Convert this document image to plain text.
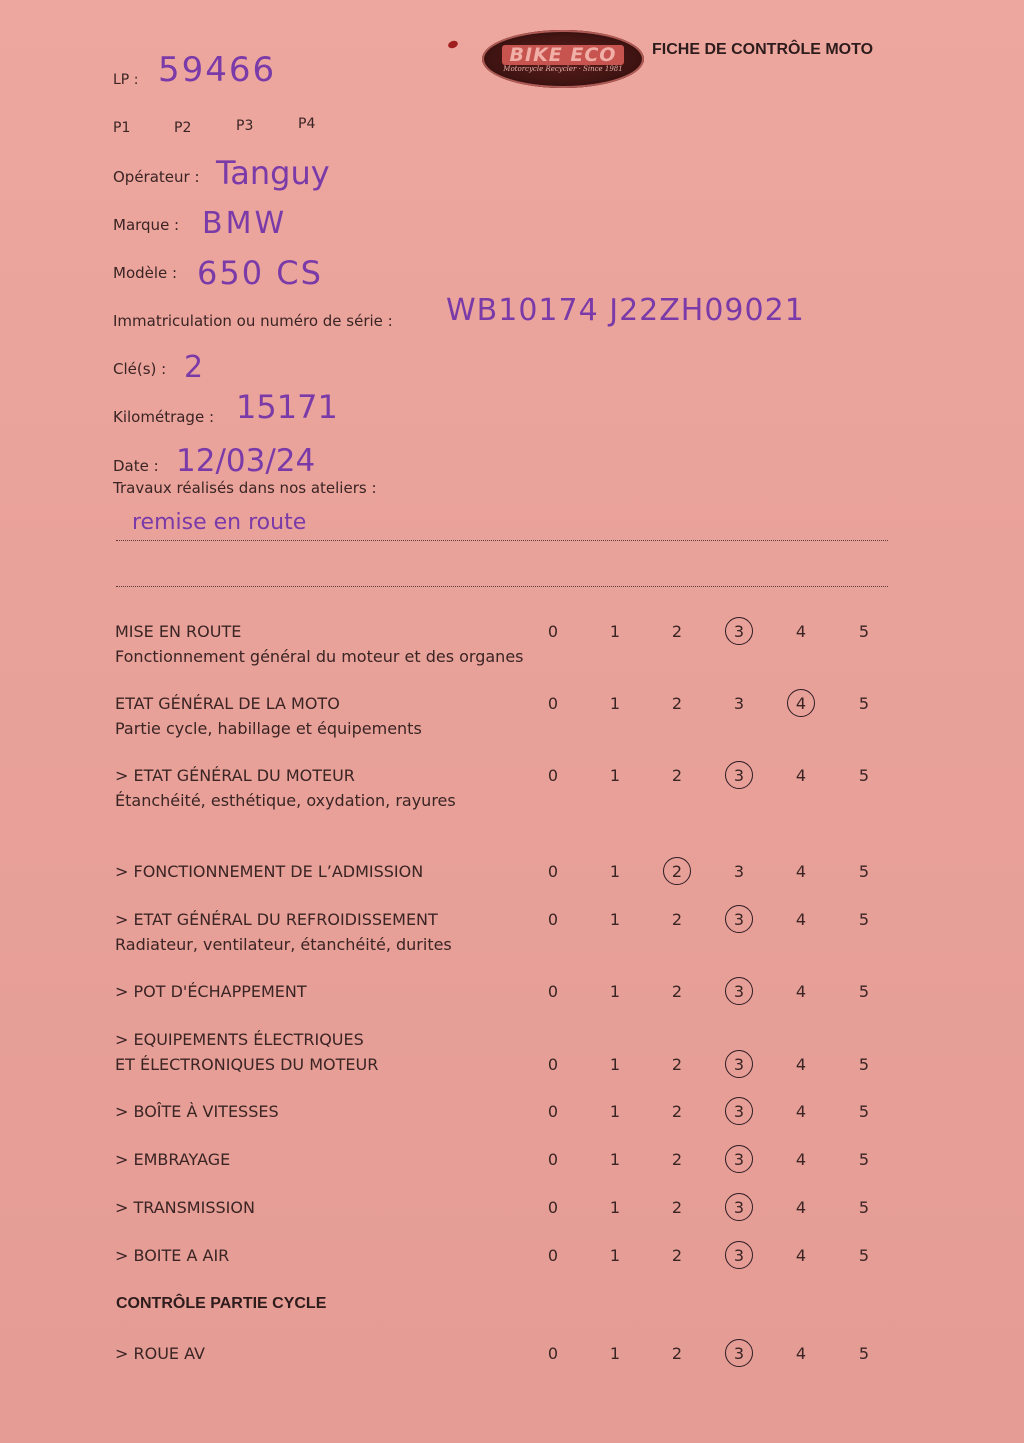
BIKE ECO
Motorcycle Recycler · Since 1981
FICHE DE CONTRÔLE MOTO
LP : 59466
P1	P2	P3	P4
Opérateur : Tanguy
Marque : BMW
Modèle : 650 CS
Immatriculation ou numéro de série : WB10174 J22ZH09021
Clé(s) : 2
Kilométrage : 15171
Date : 12/03/24
Travaux réalisés dans nos ateliers :
remise en route
MISE EN ROUTE
Fonctionnement général du moteur et des organes
0	1	2	3	4	5
ETAT GÉNÉRAL DE LA MOTO
Partie cycle, habillage et équipements
0	1	2	3	4	5
> ETAT GÉNÉRAL DU MOTEUR
Étanchéité, esthétique, oxydation, rayures
0	1	2	3	4	5
> FONCTIONNEMENT DE L’ADMISSION	0	1	2	3	4	5
> ETAT GÉNÉRAL DU REFROIDISSEMENT
Radiateur, ventilateur, étanchéité, durites
0	1	2	3	4	5
> POT D'ÉCHAPPEMENT	0	1	2	3	4	5
> EQUIPEMENTS ÉLECTRIQUES
ET ÉLECTRONIQUES DU MOTEUR	0	1	2	3	4	5
> BOÎTE À VITESSES	0	1	2	3	4	5
> EMBRAYAGE	0	1	2	3	4	5
> TRANSMISSION	0	1	2	3	4	5
> BOITE A AIR	0	1	2	3	4	5
CONTRÔLE PARTIE CYCLE
> ROUE AV	0	1	2	3	4	5
